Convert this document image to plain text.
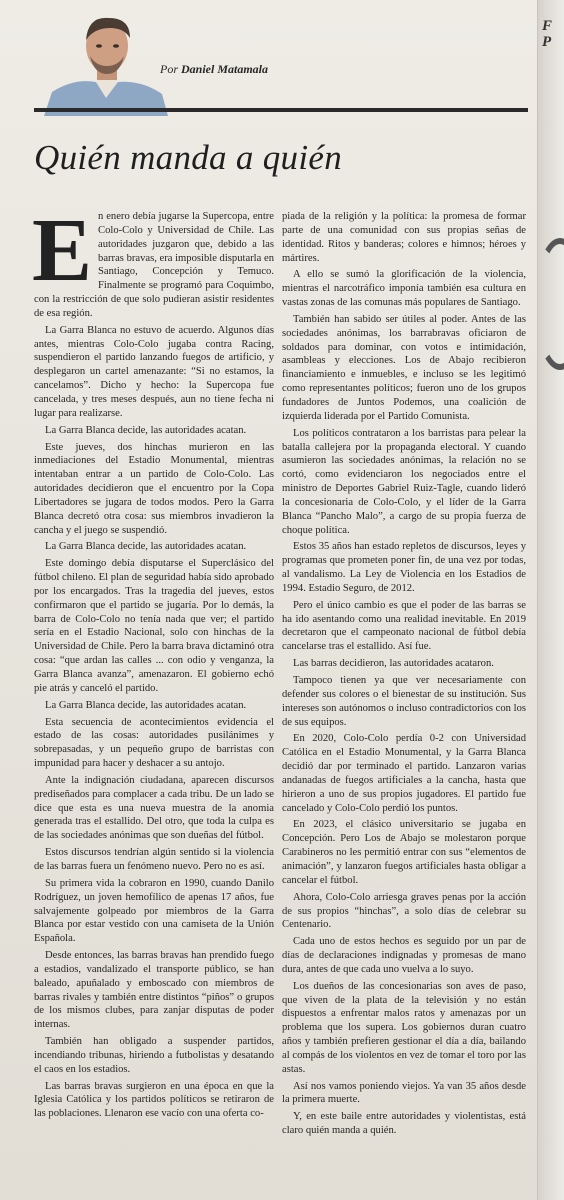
F
P
Por Daniel Matamala
Quién manda a quién

En enero debía jugarse la Supercopa, entre Colo-Colo y Universidad de Chile. Las autoridades juzgaron que, debido a las barras bravas, era imposible disputarla en Santiago, Concepción y Temuco. Finalmente se programó para Coquimbo, con la restricción de que solo pudieran asistir residentes de esa región.

La Garra Blanca no estuvo de acuerdo. Algunos días antes, mientras Colo-Colo jugaba contra Racing, suspendieron el partido lanzando fuegos de artificio, y desplegaron un cartel amenazante: “Si no estamos, la cancelamos”. Dicho y hecho: la Supercopa fue cancelada, y tres meses después, aun no tiene fecha ni lugar para realizarse.

La Garra Blanca decide, las autoridades acatan.

Este jueves, dos hinchas murieron en las inmediaciones del Estadio Monumental, mientras intentaban entrar a un partido de Colo-Colo. Las autoridades decidieron que el encuentro por la Copa Libertadores se jugara de todos modos. Pero la Garra Blanca decretó otra cosa: sus miembros invadieron la cancha y el juego se suspendió.

La Garra Blanca decide, las autoridades acatan.

Este domingo debía disputarse el Superclásico del fútbol chileno. El plan de seguridad había sido aprobado por los encargados. Tras la tragedia del jueves, estos confirmaron que el partido se jugaría. Por lo demás, la barra de Colo-Colo no tenía nada que ver; el partido sería en el Estadio Nacional, solo con hinchas de la Universidad de Chile. Pero la barra brava dictaminó otra cosa: “que ardan las calles ... con odio y venganza, la Garra Blanca avanza”, amenazaron. El gobierno echó pie atrás y canceló el partido.

La Garra Blanca decide, las autoridades acatan.

Esta secuencia de acontecimientos evidencia el estado de las cosas: autoridades pusilánimes y sobrepasadas, y un pequeño grupo de barristas con impunidad para hacer y deshacer a su antojo.

Ante la indignación ciudadana, aparecen discursos prediseñados para complacer a cada tribu. De un lado se dice que esta es una nueva muestra de la anomia generada tras el estallido. Del otro, que toda la culpa es de las sociedades anónimas que son dueñas del fútbol.

Estos discursos tendrían algún sentido si la violencia de las barras fuera un fenómeno nuevo. Pero no es así.

Su primera vida la cobraron en 1990, cuando Danilo Rodríguez, un joven hemofílico de apenas 17 años, fue salvajemente golpeado por miembros de la Garra Blanca por estar vestido con una camiseta de la Unión Española.

Desde entonces, las barras bravas han prendido fuego a estadios, vandalizado el transporte público, se han baleado, apuñalado y emboscado con miembros de barras rivales y también entre distintos “piños” o grupos de los mismos clubes, para zanjar disputas de poder internas.

También han obligado a suspender partidos, incendiando tribunas, hiriendo a futbolistas y desatando el caos en los estadios.

Las barras bravas surgieron en una época en que la Iglesia Católica y los partidos políticos se retiraron de las poblaciones. Llenaron ese vacío con una oferta co-

piada de la religión y la política: la promesa de formar parte de una comunidad con sus propias señas de identidad. Ritos y banderas; colores e himnos; héroes y mártires.

A ello se sumó la glorificación de la violencia, mientras el narcotráfico imponía también esa cultura en vastas zonas de las comunas más populares de Santiago.

También han sabido ser útiles al poder. Antes de las sociedades anónimas, los barrabravas oficiaron de soldados para dominar, con votos e intimidación, asambleas y elecciones. Los de Abajo recibieron financiamiento e inmuebles, e incluso se les legitimó como representantes políticos; fueron uno de los grupos fundadores de Juntos Podemos, una coalición de izquierda liderada por el Partido Comunista.

Los políticos contrataron a los barristas para pelear la batalla callejera por la propaganda electoral. Y cuando asumieron las sociedades anónimas, la relación no se cortó, como evidenciaron los negociados entre el ministro de Deportes Gabriel Ruiz-Tagle, cuando lideró la concesionaria de Colo-Colo, y el líder de la Garra Blanca “Pancho Malo”, a cargo de su propia fuerza de choque política.

Estos 35 años han estado repletos de discursos, leyes y programas que prometen poner fin, de una vez por todas, al vandalismo. La Ley de Violencia en los Estadios de 1994. Estadio Seguro, de 2012.

Pero el único cambio es que el poder de las barras se ha ido asentando como una realidad inevitable. En 2019 decretaron que el campeonato nacional de fútbol debía cancelarse tras el estallido. Así fue.

Las barras decidieron, las autoridades acataron.

Tampoco tienen ya que ver necesariamente con defender sus colores o el bienestar de su institución. Sus intereses son autónomos o incluso contradictorios con los de sus equipos.

En 2020, Colo-Colo perdía 0-2 con Universidad Católica en el Estadio Monumental, y la Garra Blanca decidió dar por terminado el partido. Lanzaron varias andanadas de fuegos artificiales a la cancha, hasta que hirieron a uno de sus propios jugadores. El partido fue cancelado y Colo-Colo perdió los puntos.

En 2023, el clásico universitario se jugaba en Concepción. Pero Los de Abajo se molestaron porque Carabineros no les permitió entrar con sus “elementos de animación”, y lanzaron fuegos artificiales hasta obligar a cancelar el fútbol.

Ahora, Colo-Colo arriesga graves penas por la acción de sus propios “hinchas”, a solo días de celebrar su Centenario.

Cada uno de estos hechos es seguido por un par de días de declaraciones indignadas y promesas de mano dura, antes de que cada uno vuelva a lo suyo.

Los dueños de las concesionarias son aves de paso, que viven de la plata de la televisión y no están dispuestos a enfrentar malos ratos y amenazas por un problema que los supera. Los gobiernos duran cuatro años y también prefieren gestionar el día a día, bailando al compás de los violentos en vez de tomar el toro por las astas.

Así nos vamos poniendo viejos. Ya van 35 años desde la primera muerte.

Y, en este baile entre autoridades y violentistas, está claro quién manda a quién.
